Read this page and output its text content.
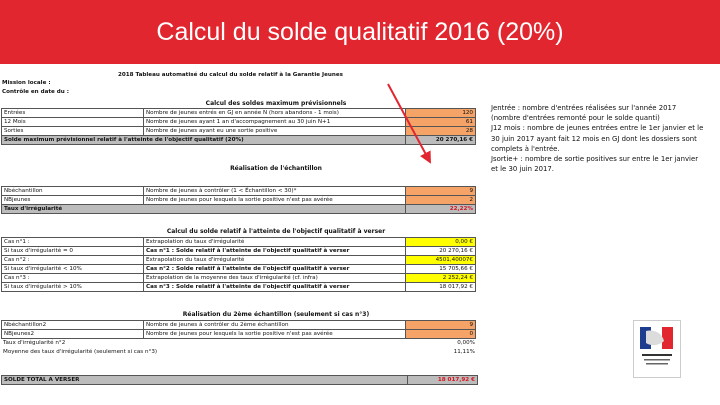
Calcul du solde qualitatif 2016 (20%)
2018 Tableau automatisé du calcul du solde relatif à la Garantie Jeunes
Mission locale :
Contrôle en date du :
Calcul des soldes maximum prévisionnels
Entrées	Nombre de jeunes entrés en GJ en année N (hors abandons - 1 mois)	120
12 Mois	Nombre de jeunes ayant 1 an d'accompagnement au 30 juin N+1	61
Sorties	Nombre de jeunes ayant eu une sortie positive	28
Solde maximum prévisionnel relatif à l'atteinte de l'objectif qualitatif (20%)		20 270,16 €
Réalisation de l'échantillon
Nbéchantillon	Nombre de jeunes à contrôler (1 < Échantillon < 30)*	9
NBjeunes	Nombre de jeunes pour lesquels la sortie positive n'est pas avérée	2
Taux d'irrégularité		22,22%
Calcul du solde relatif à l'atteinte de l'objectif qualitatif à verser
Cas n°1 :	Extrapolation du taux d'irrégularité	0,00 €
Si taux d'irrégularité = 0	Cas n°1 : Solde relatif à l'atteinte de l'objectif qualitatif à verser	20 270,16 €
Cas n°2 :	Extrapolation du taux d'irrégularité	4501,40007€
Si taux d'irrégularité < 10%	Cas n°2 : Solde relatif à l'atteinte de l'objectif qualitatif à verser	15 705,66 €
Cas n°3 :	Extrapolation de la moyenne des taux d'irrégularité (cf. infra)	2 252,24 €
Si taux d'irrégularité > 10%	Cas n°3 : Solde relatif à l'atteinte de l'objectif qualitatif à verser	18 017,92 €
Réalisation du 2ème échantillon (seulement si cas n°3)
Nbéchantillon2	Nombre de jeunes à contrôler du 2ème échantillon	9
NBjeunes2	Nombre de jeunes pour lesquels la sortie positive n'est pas avérée	0
Taux d'irrégularité n°2	0,00%
Moyenne des taux d'irrégularité (seulement si cas n°3)	11,11%
SOLDE TOTAL A VERSER	18 017,92 €
Jentrée : nombre d'entrées réalisées sur l'année 2017 (nombre d'entrées remonté pour le solde quanti)
J12 mois : nombre de jeunes entrées entre le 1er janvier et le 30 juin 2017 ayant fait 12 mois en GJ dont les dossiers sont complets à l'entrée.
Jsortie+ : nombre de sortie positives sur entre le 1er janvier et le 30 juin 2017.
